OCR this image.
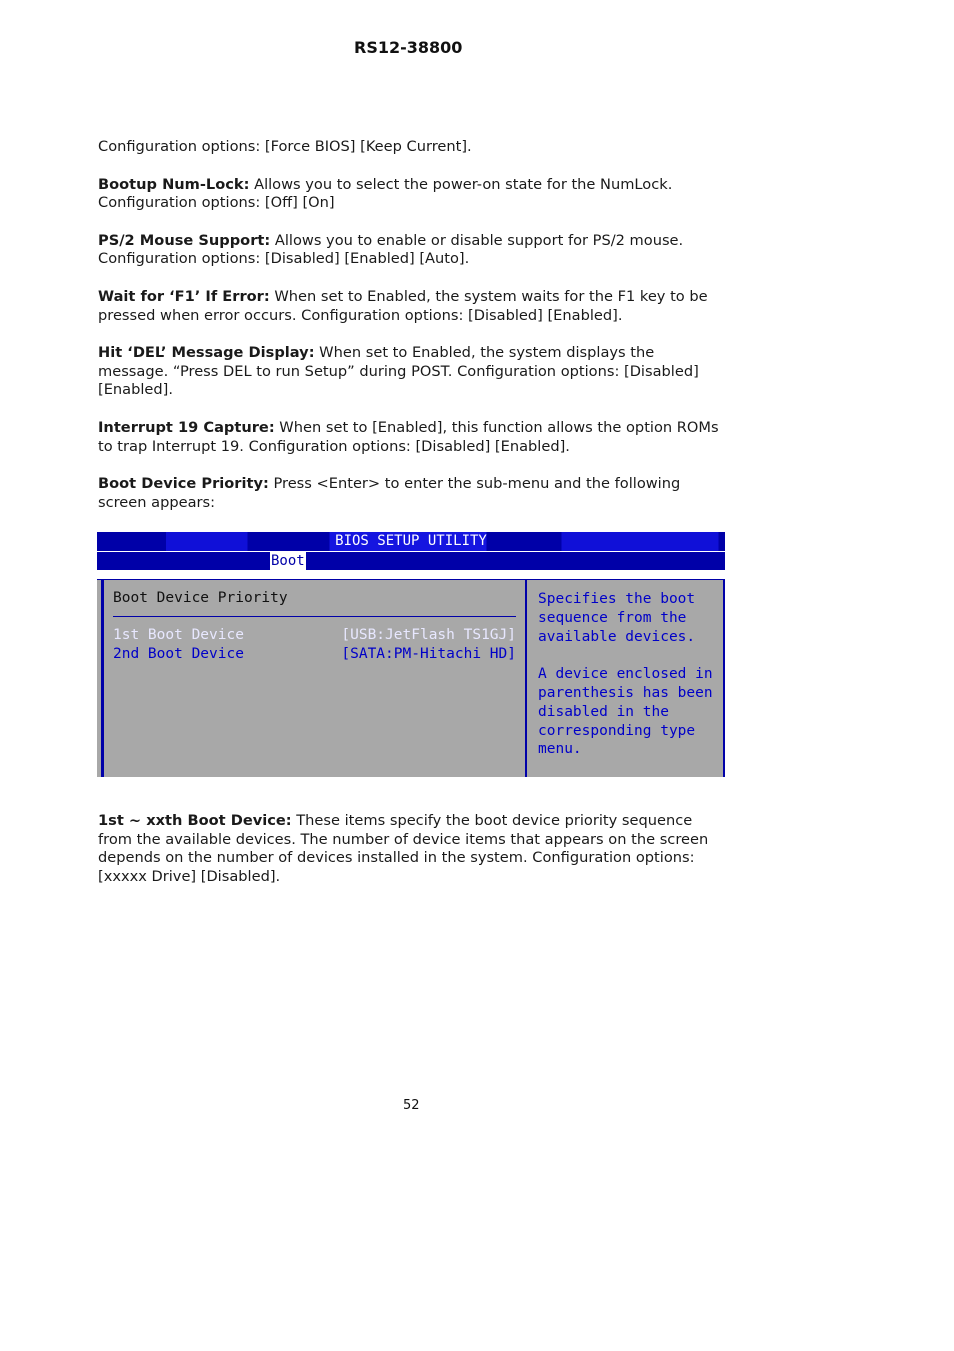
RS12-38800

Configuration options: [Force BIOS] [Keep Current].

Bootup Num-Lock: Allows you to select the power-on state for the NumLock. Configuration options: [Off] [On]

PS/2 Mouse Support: Allows you to enable or disable support for PS/2 mouse. Configuration options: [Disabled] [Enabled] [Auto].

Wait for ‘F1’ If Error: When set to Enabled, the system waits for the F1 key to be pressed when error occurs. Configuration options: [Disabled] [Enabled].

Hit ‘DEL’ Message Display: When set to Enabled, the system displays the message. “Press DEL to run Setup” during POST. Configuration options: [Disabled] [Enabled].

Interrupt 19 Capture: When set to [Enabled], this function allows the option ROMs to trap Interrupt 19. Configuration options: [Disabled] [Enabled].

Boot Device Priority: Press <Enter> to enter the sub-menu and the following screen appears:

BIOS SETUP UTILITY
Boot
Boot Device Priority
1st Boot Device	[USB:JetFlash TS1GJ]
2nd Boot Device	[SATA:PM-Hitachi HD]
Specifies the boot
sequence from the
available devices.

A device enclosed in
parenthesis has been
disabled in the
corresponding type
menu.

1st ~ xxth Boot Device: These items specify the boot device priority sequence from the available devices. The number of device items that appears on the screen depends on the number of devices installed in the system. Configuration options: [xxxxx Drive] [Disabled].

52
